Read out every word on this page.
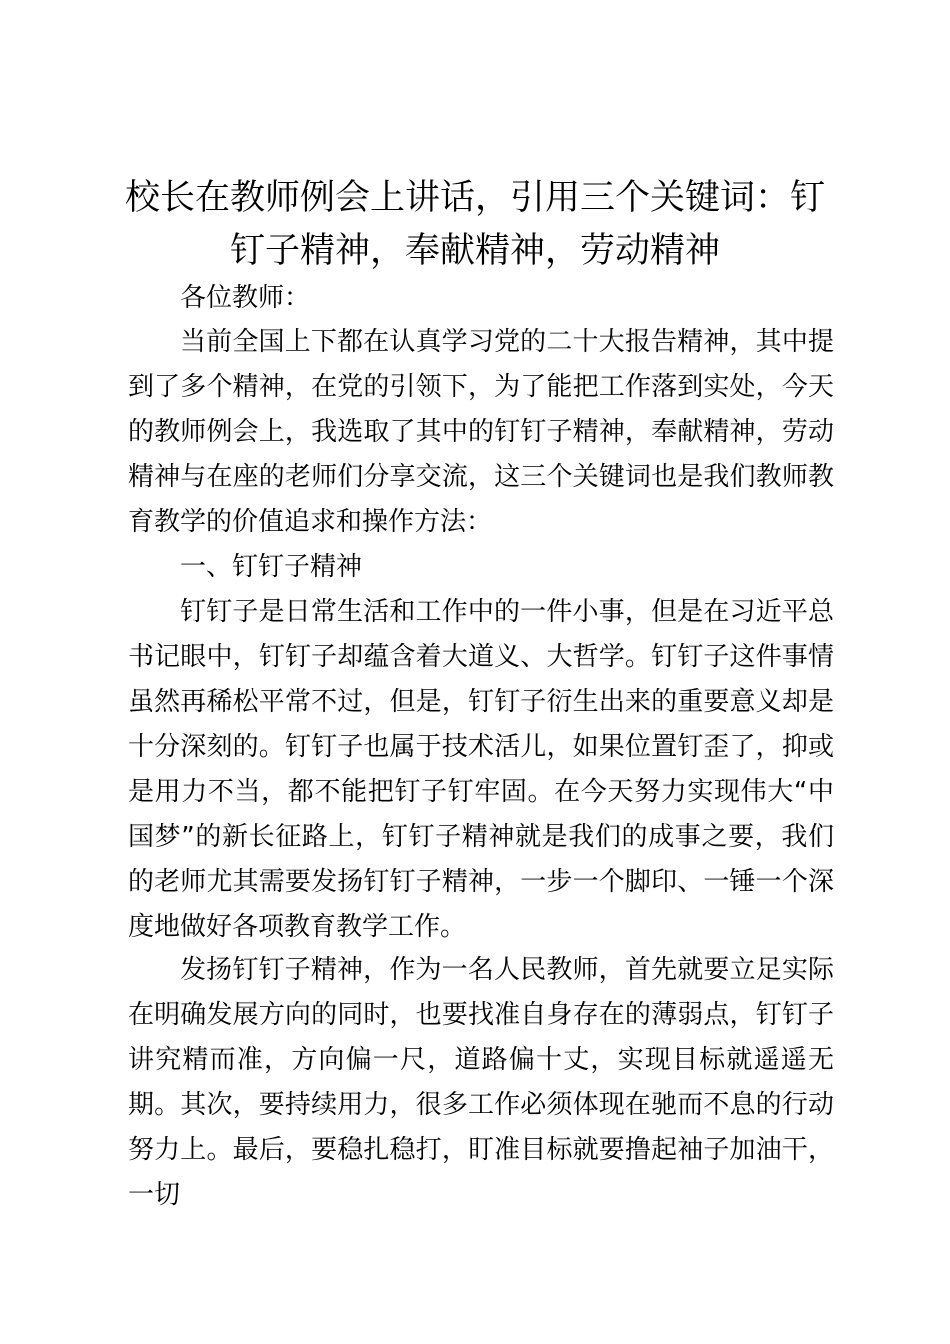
校长在教师例会上讲话，引用三个关键词：钉钉子精神，奉献精神，劳动精神

各位教师：

当前全国上下都在认真学习党的二十大报告精神，其中提到了多个精神，在党的引领下，为了能把工作落到实处，今天的教师例会上，我选取了其中的钉钉子精神，奉献精神，劳动精神与在座的老师们分享交流，这三个关键词也是我们教师教育教学的价值追求和操作方法：

一、钉钉子精神

钉钉子是日常生活和工作中的一件小事，但是在习近平总书记眼中，钉钉子却蕴含着大道义、大哲学。钉钉子这件事情虽然再稀松平常不过，但是，钉钉子衍生出来的重要意义却是十分深刻的。钉钉子也属于技术活儿，如果位置钉歪了，抑或是用力不当，都不能把钉子钉牢固。在今天努力实现伟大“中国梦”的新长征路上，钉钉子精神就是我们的成事之要，我们的老师尤其需要发扬钉钉子精神，一步一个脚印、一锤一个深度地做好各项教育教学工作。

发扬钉钉子精神，作为一名人民教师，首先就要立足实际在明确发展方向的同时，也要找准自身存在的薄弱点，钉钉子讲究精而准，方向偏一尺，道路偏十丈，实现目标就遥遥无期。其次，要持续用力，很多工作必须体现在驰而不息的行动努力上。最后，要稳扎稳打，盯准目标就要撸起袖子加油干，一切
